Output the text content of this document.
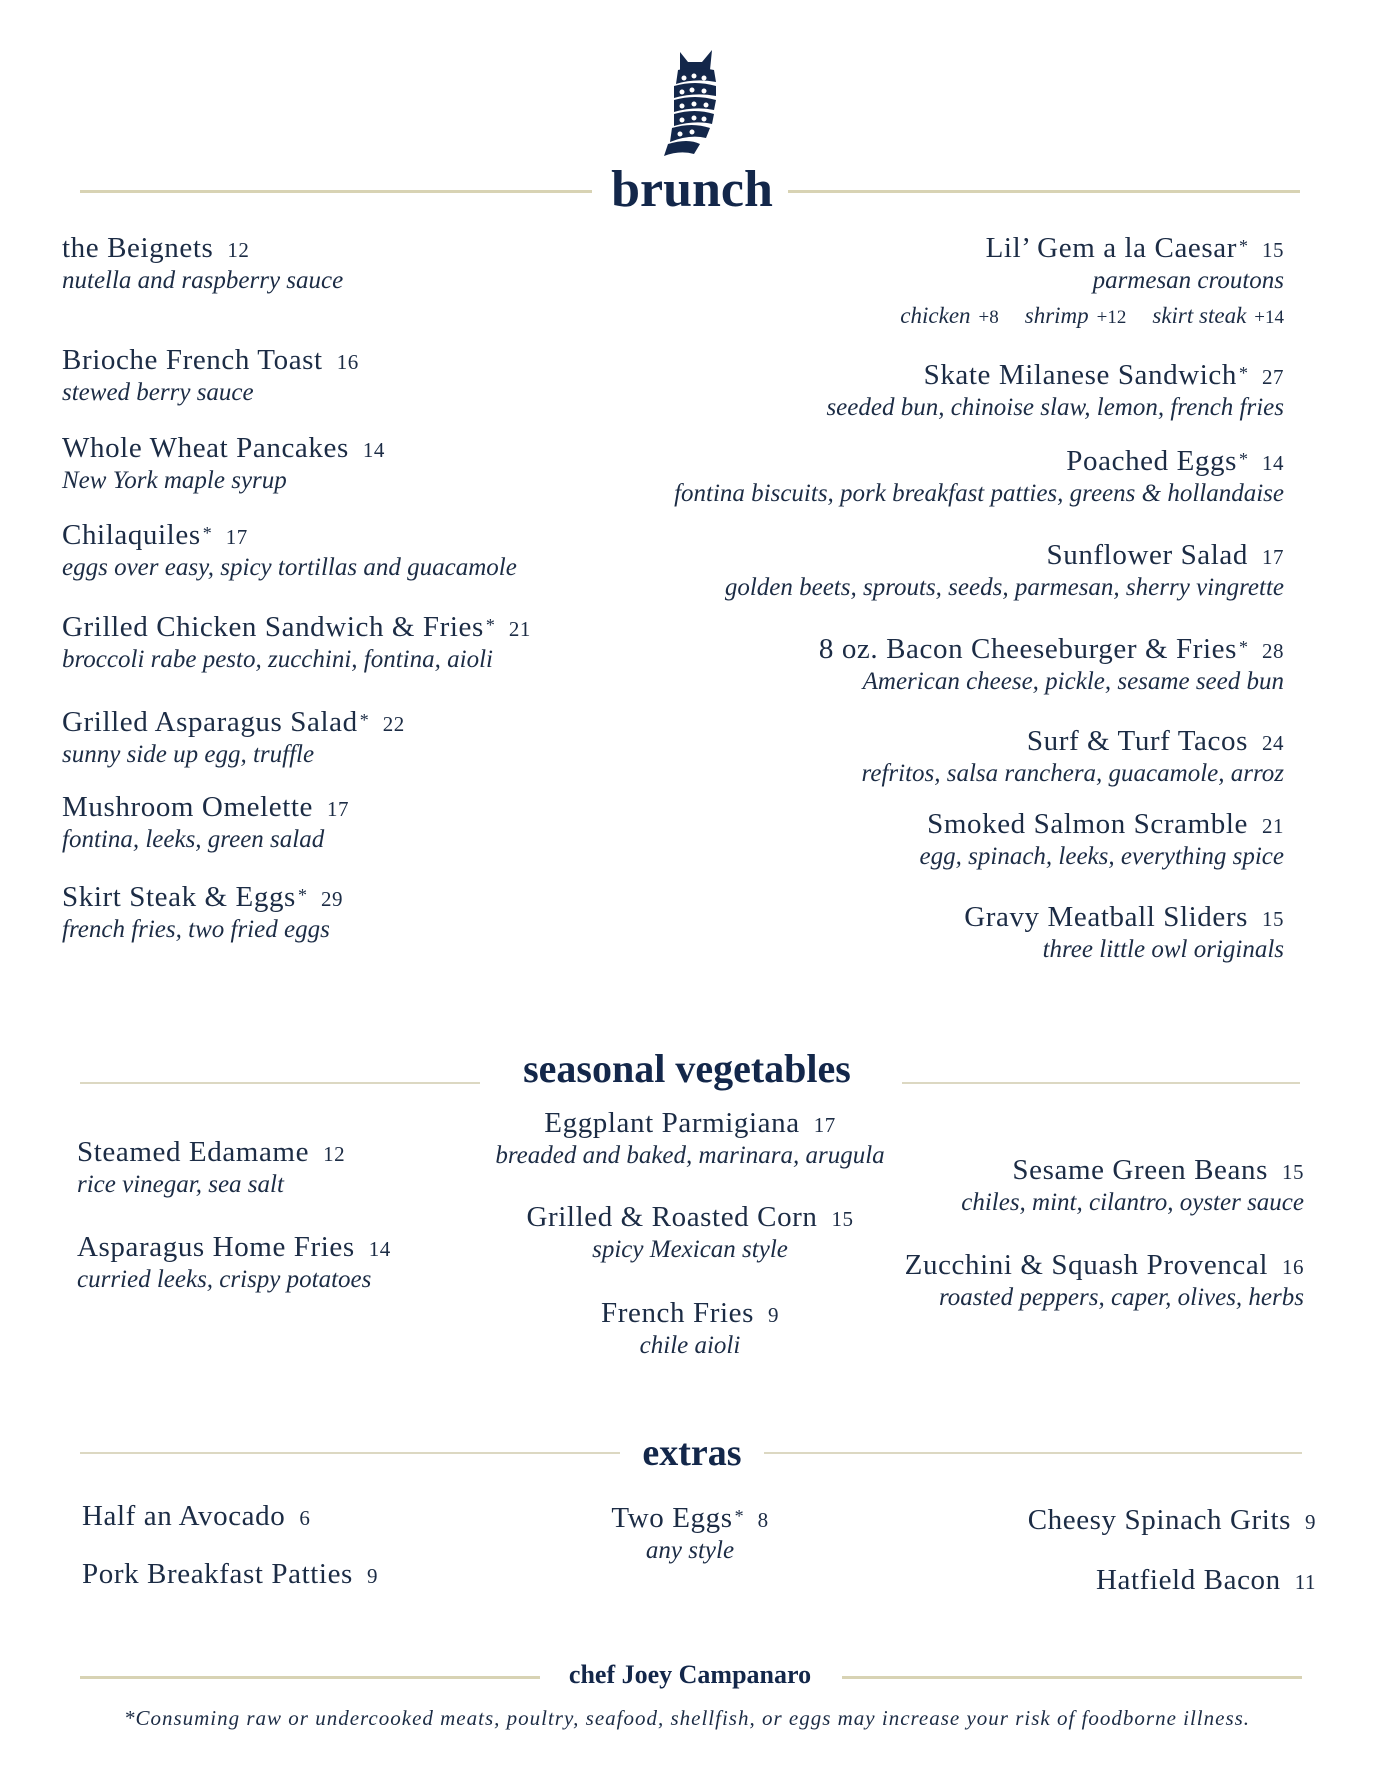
brunch
the Beignets 12
nutella and raspberry sauce
Brioche French Toast 16
stewed berry sauce
Whole Wheat Pancakes 14
New York maple syrup
Chilaquiles * 17
eggs over easy, spicy tortillas and guacamole
Grilled Chicken Sandwich & Fries * 21
broccoli rabe pesto, zucchini, fontina, aioli
Grilled Asparagus Salad * 22
sunny side up egg, truffle
Mushroom Omelette 17
fontina, leeks, green salad
Skirt Steak & Eggs * 29
french fries, two fried eggs
Lil’ Gem a la Caesar * 15
parmesan croutons
chicken +8 shrimp +12 skirt steak +14
Skate Milanese Sandwich * 27
seeded bun, chinoise slaw, lemon, french fries
Poached Eggs * 14
fontina biscuits, pork breakfast patties, greens & hollandaise
Sunflower Salad 17
golden beets, sprouts, seeds, parmesan, sherry vingrette
8 oz. Bacon Cheeseburger & Fries * 28
American cheese, pickle, sesame seed bun
Surf & Turf Tacos 24
refritos, salsa ranchera, guacamole, arroz
Smoked Salmon Scramble 21
egg, spinach, leeks, everything spice
Gravy Meatball Sliders 15
three little owl originals
seasonal vegetables
Steamed Edamame 12
rice vinegar, sea salt
Asparagus Home Fries 14
curried leeks, crispy potatoes
Eggplant Parmigiana 17
breaded and baked, marinara, arugula
Grilled & Roasted Corn 15
spicy Mexican style
French Fries 9
chile aioli
Sesame Green Beans 15
chiles, mint, cilantro, oyster sauce
Zucchini & Squash Provencal 16
roasted peppers, caper, olives, herbs
extras
Half an Avocado 6
Pork Breakfast Patties 9
Two Eggs * 8
any style
Cheesy Spinach Grits 9
Hatfield Bacon 11
chef Joey Campanaro
*Consuming raw or undercooked meats, poultry, seafood, shellfish, or eggs may increase your risk of foodborne illness.
